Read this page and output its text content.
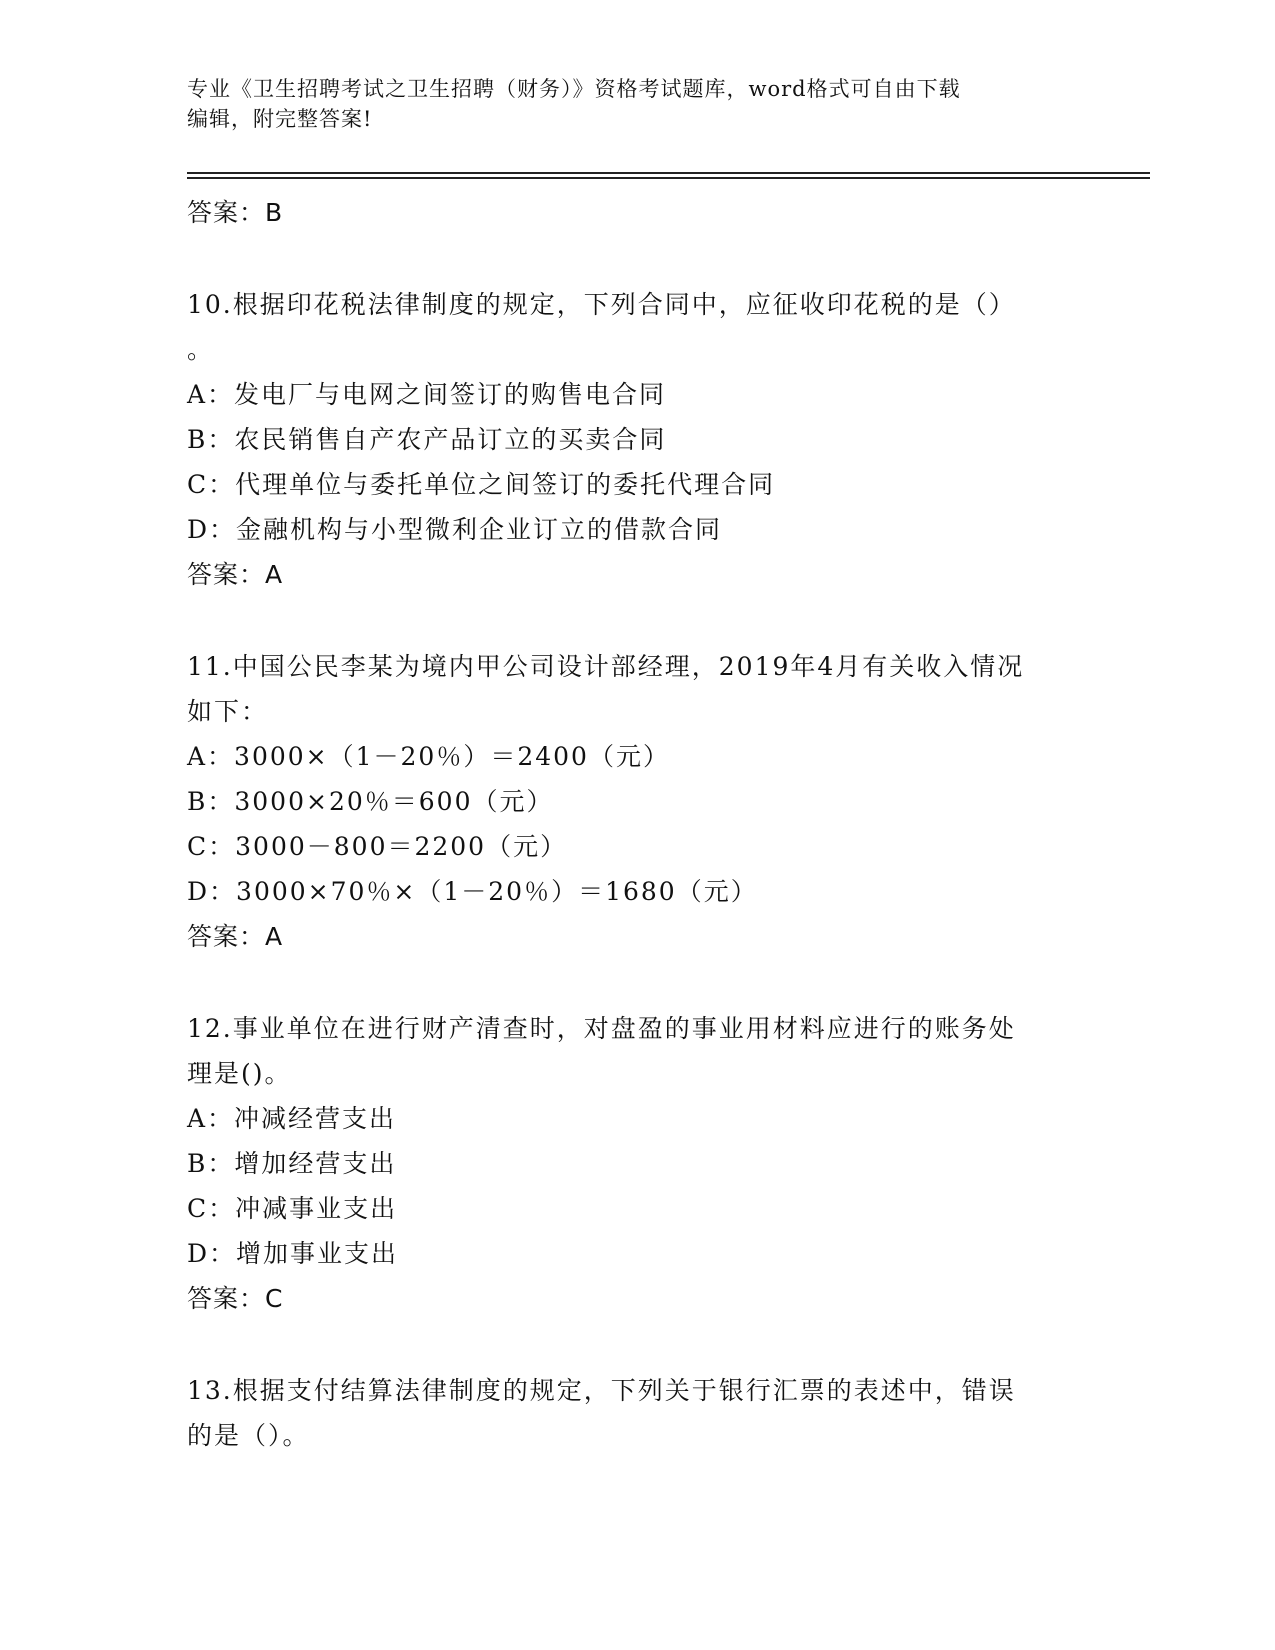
专业《卫生招聘考试之卫生招聘（财务）》资格考试题库，word格式可自由下载
编辑，附完整答案!
答案：B
10.根据印花税法律制度的规定，下列合同中，应征收印花税的是（）
。
A：发电厂与电网之间签订的购售电合同
B：农民销售自产农产品订立的买卖合同
C：代理单位与委托单位之间签订的委托代理合同
D：金融机构与小型微利企业订立的借款合同
答案：A
11.中国公民李某为境内甲公司设计部经理，2019年4月有关收入情况
如下：
A：3000×（1－20％）＝2400（元）
B：3000×20％＝600（元）
C：3000－800＝2200（元）
D：3000×70％×（1－20％）＝1680（元）
答案：A
12.事业单位在进行财产清查时，对盘盈的事业用材料应进行的账务处
理是()。
A：冲减经营支出
B：增加经营支出
C：冲减事业支出
D：增加事业支出
答案：C
13.根据支付结算法律制度的规定，下列关于银行汇票的表述中，错误
的是（）。
